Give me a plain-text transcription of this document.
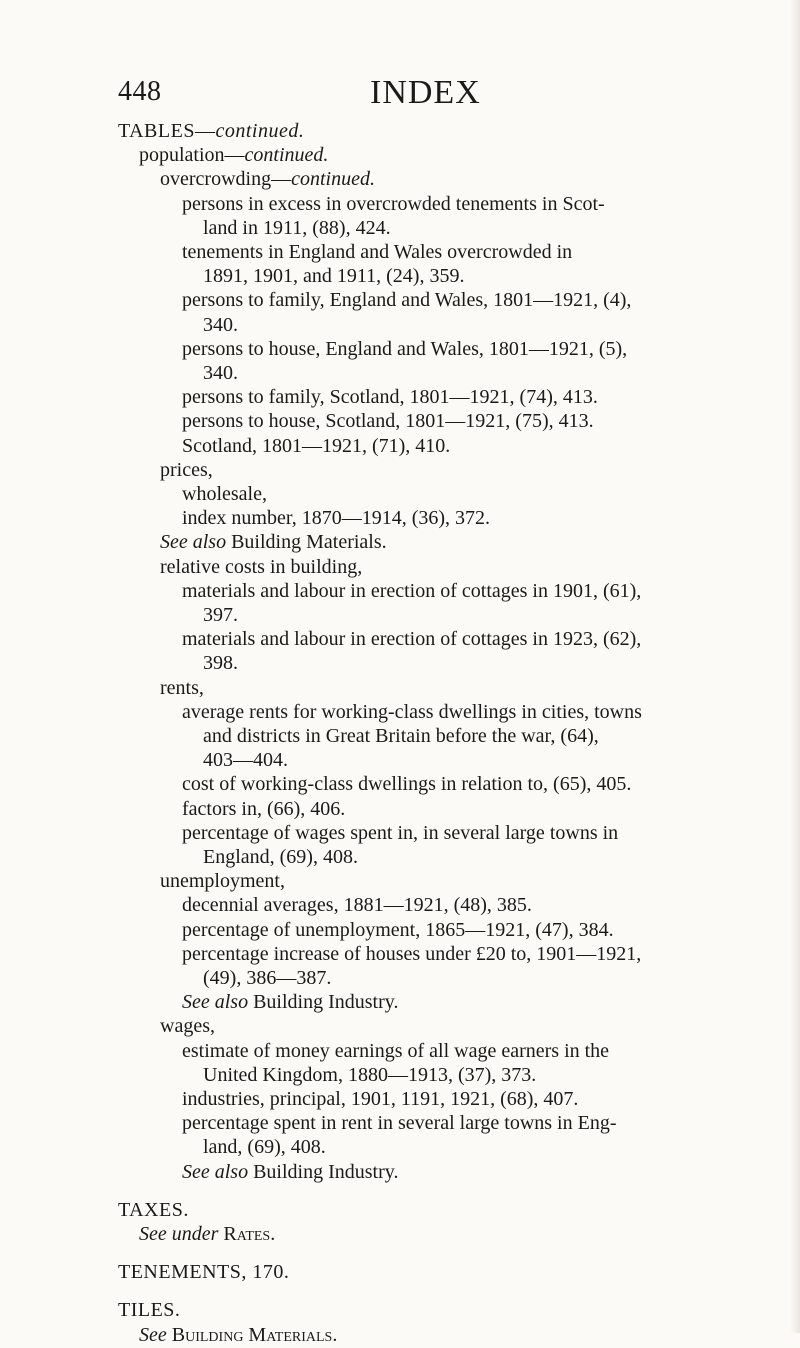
448	INDEX
TABLES—continued.
population—continued.
overcrowding—continued.
persons in excess in overcrowded tenements in Scot-
land in 1911, (88), 424.
tenements in England and Wales overcrowded in
1891, 1901, and 1911, (24), 359.
persons to family, England and Wales, 1801—1921, (4),
340.
persons to house, England and Wales, 1801—1921, (5),
340.
persons to family, Scotland, 1801—1921, (74), 413.
persons to house, Scotland, 1801—1921, (75), 413.
Scotland, 1801—1921, (71), 410.
prices,
wholesale,
index number, 1870—1914, (36), 372.
See also Building Materials.
relative costs in building,
materials and labour in erection of cottages in 1901, (61),
397.
materials and labour in erection of cottages in 1923, (62),
398.
rents,
average rents for working-class dwellings in cities, towns
and districts in Great Britain before the war, (64),
403—404.
cost of working-class dwellings in relation to, (65), 405.
factors in, (66), 406.
percentage of wages spent in, in several large towns in
England, (69), 408.
unemployment,
decennial averages, 1881—1921, (48), 385.
percentage of unemployment, 1865—1921, (47), 384.
percentage increase of houses under £20 to, 1901—1921,
(49), 386—387.
See also Building Industry.
wages,
estimate of money earnings of all wage earners in the
United Kingdom, 1880—1913, (37), 373.
industries, principal, 1901, 1191, 1921, (68), 407.
percentage spent in rent in several large towns in Eng-
land, (69), 408.
See also Building Industry.
TAXES.
See under Rates.
TENEMENTS, 170.
TILES.
See Building Materials.
